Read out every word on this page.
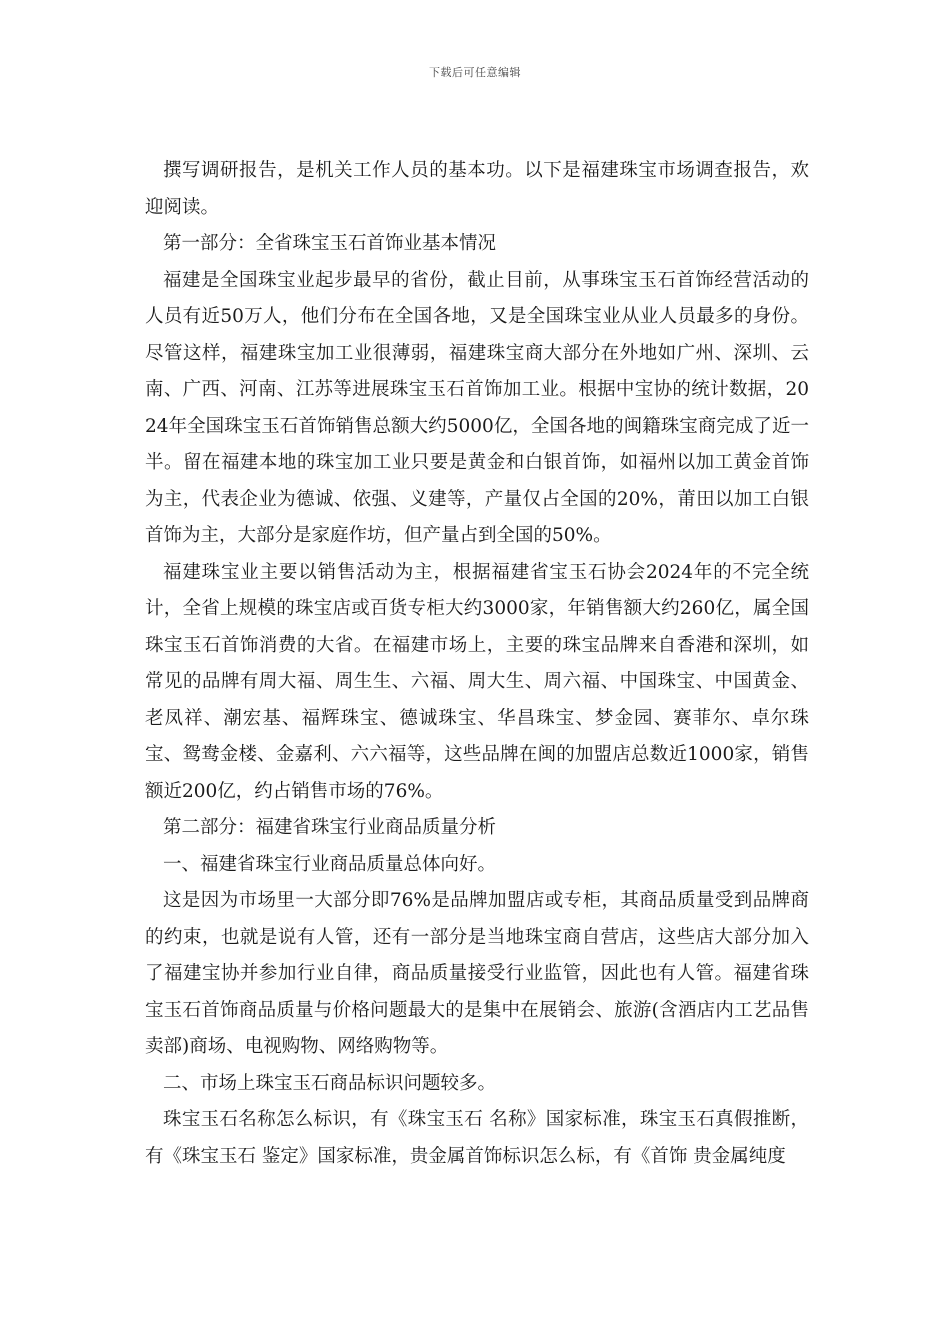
下载后可任意编辑

撰写调研报告，是机关工作人员的基本功。以下是福建珠宝市场调查报告，欢迎阅读。

第一部分：全省珠宝玉石首饰业基本情况

福建是全国珠宝业起步最早的省份，截止目前，从事珠宝玉石首饰经营活动的人员有近50万人，他们分布在全国各地，又是全国珠宝业从业人员最多的身份。尽管这样，福建珠宝加工业很薄弱，福建珠宝商大部分在外地如广州、深圳、云南、广西、河南、江苏等进展珠宝玉石首饰加工业。根据中宝协的统计数据，2024年全国珠宝玉石首饰销售总额大约5000亿，全国各地的闽籍珠宝商完成了近一半。留在福建本地的珠宝加工业只要是黄金和白银首饰，如福州以加工黄金首饰为主，代表企业为德诚、依强、义建等，产量仅占全国的20%，莆田以加工白银首饰为主，大部分是家庭作坊，但产量占到全国的50%。

福建珠宝业主要以销售活动为主，根据福建省宝玉石协会2024年的不完全统计，全省上规模的珠宝店或百货专柜大约3000家，年销售额大约260亿，属全国珠宝玉石首饰消费的大省。在福建市场上，主要的珠宝品牌来自香港和深圳，如常见的品牌有周大福、周生生、六福、周大生、周六福、中国珠宝、中国黄金、老凤祥、潮宏基、福辉珠宝、德诚珠宝、华昌珠宝、梦金园、赛菲尔、卓尔珠宝、鸳鸯金楼、金嘉利、六六福等，这些品牌在闽的加盟店总数近1000家，销售额近200亿，约占销售市场的76%。

第二部分：福建省珠宝行业商品质量分析

一、福建省珠宝行业商品质量总体向好。

这是因为市场里一大部分即76%是品牌加盟店或专柜，其商品质量受到品牌商的约束，也就是说有人管，还有一部分是当地珠宝商自营店，这些店大部分加入了福建宝协并参加行业自律，商品质量接受行业监管，因此也有人管。福建省珠宝玉石首饰商品质量与价格问题最大的是集中在展销会、旅游(含酒店内工艺品售卖部)商场、电视购物、网络购物等。

二、市场上珠宝玉石商品标识问题较多。

珠宝玉石名称怎么标识，有《珠宝玉石 名称》国家标准，珠宝玉石真假推断，有《珠宝玉石 鉴定》国家标准，贵金属首饰标识怎么标，有《首饰 贵金属纯度
